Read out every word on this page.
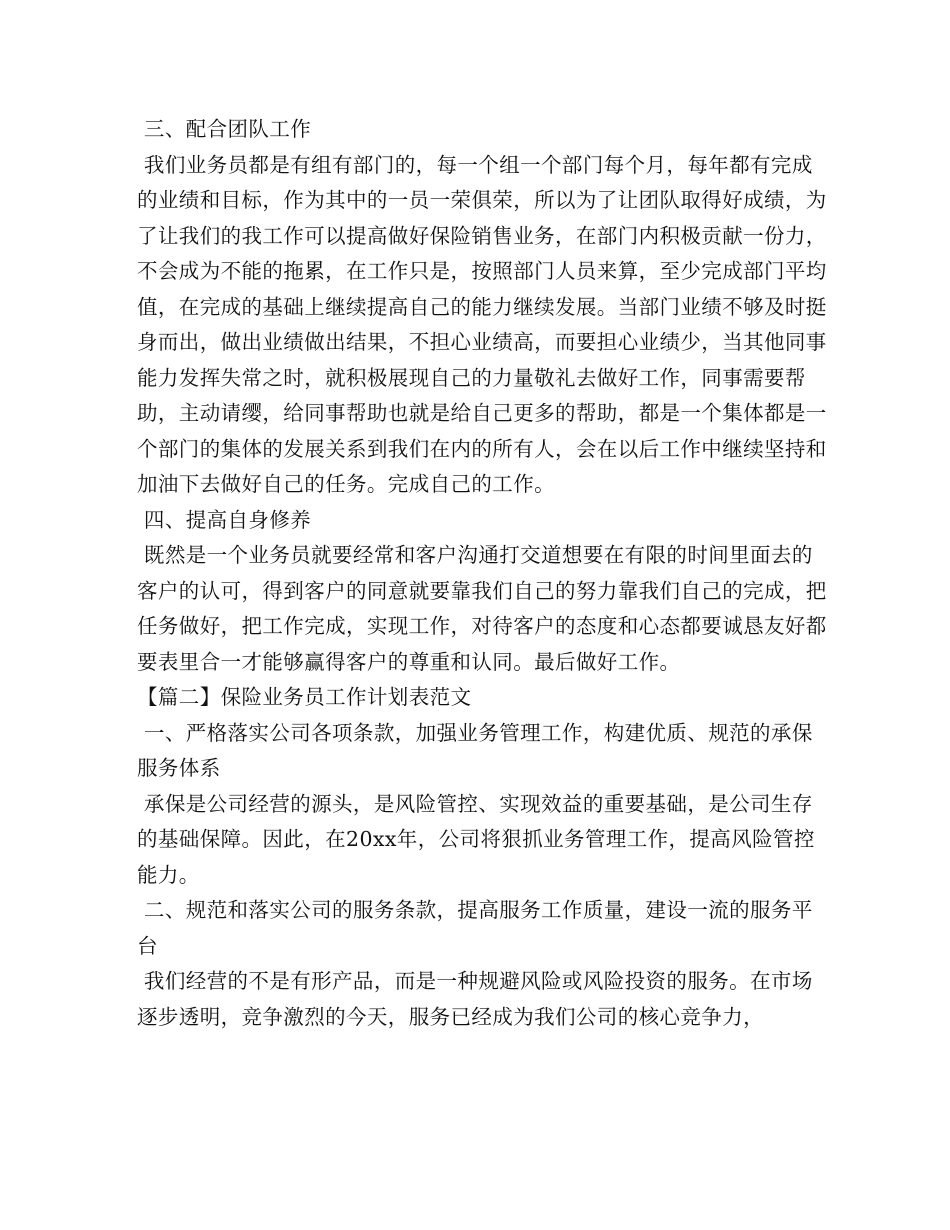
三、配合团队工作

我们业务员都是有组有部门的，每一个组一个部门每个月，每年都有完成的业绩和目标，作为其中的一员一荣俱荣，所以为了让团队取得好成绩，为了让我们的我工作可以提高做好保险销售业务，在部门内积极贡献一份力，不会成为不能的拖累，在工作只是，按照部门人员来算，至少完成部门平均值，在完成的基础上继续提高自己的能力继续发展。当部门业绩不够及时挺身而出，做出业绩做出结果，不担心业绩高，而要担心业绩少，当其他同事能力发挥失常之时，就积极展现自己的力量敬礼去做好工作，同事需要帮助，主动请缨，给同事帮助也就是给自己更多的帮助，都是一个集体都是一个部门的集体的发展关系到我们在内的所有人，会在以后工作中继续坚持和加油下去做好自己的任务。完成自己的工作。

四、提高自身修养

既然是一个业务员就要经常和客户沟通打交道想要在有限的时间里面去的客户的认可，得到客户的同意就要靠我们自己的努力靠我们自己的完成，把任务做好，把工作完成，实现工作，对待客户的态度和心态都要诚恳友好都要表里合一才能够赢得客户的尊重和认同。最后做好工作。

【篇二】保险业务员工作计划表范文

一、严格落实公司各项条款，加强业务管理工作，构建优质、规范的承保服务体系

承保是公司经营的源头，是风险管控、实现效益的重要基础，是公司生存的基础保障。因此，在20xx年，公司将狠抓业务管理工作，提高风险管控能力。

二、规范和落实公司的服务条款，提高服务工作质量，建设一流的服务平台

我们经营的不是有形产品，而是一种规避风险或风险投资的服务。在市场逐步透明，竞争激烈的今天，服务已经成为我们公司的核心竞争力，
